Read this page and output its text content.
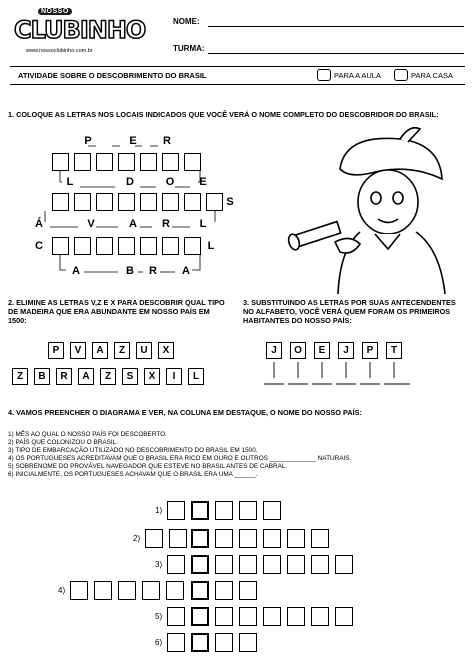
NOSSO
CLUBINHO
www.nossoclubinho.com.br
NOME:
TURMA:
ATIVIDADE SOBRE O DESCOBRIMENTO DO BRASIL	PARA A AULA	PARA CASA
1. COLOQUE AS LETRAS NOS LOCAIS INDICADOS QUE VOCÊ VERÁ O NOME COMPLETO DO DESCOBRIDOR DO BRASIL:
P	E R
L	D	O E
S
Á	V	A R	L
C	L
A	B R A
2. ELIMINE AS LETRAS V,Z E X PARA DESCOBRIR QUAL TIPO DE MADEIRA QUE ERA ABUNDANTE EM NOSSO PAÍS EM 1500:
P	V	A	Z	U	X
Z	B	R	A	Z	S	X	I	L
3. SUBSTITUINDO AS LETRAS POR SUAS ANTECENDENTES NO ALFABETO, VOCÊ VERÁ QUEM FORAM OS PRIMEIROS HABITANTES DO NOSSO PAÍS:
J	O	E	J	P	T
4. VAMOS PREENCHER O DIAGRAMA E VER, NA COLUNA EM DESTAQUE, O NOME DO NOSSO PAÍS:
1) MÊS AO QUAL O NOSSO PAÍS FOI DESCOBERTO.
2) PAÍS QUE COLONIZOU O BRASIL.
3) TIPO DE EMBARCAÇÃO UTILIZADO NO DESCOBRIMENTO DO BRASIL EM 1500.
4) OS PORTUGUESES ACREDITAVAM QUE O BRASIL ERA RICO EM OURO E OUTROS _____________ NATURAIS.
5) SOBRENOME DO PROVÁVEL NAVEGADOR QUE ESTEVE NO BRASIL ANTES DE CABRAL.
6) INICIALMENTE, OS PORTUGUESES ACHAVAM QUE O BRASIL ERA UMA ______.
1)
2)
3)
4)
5)
6)
